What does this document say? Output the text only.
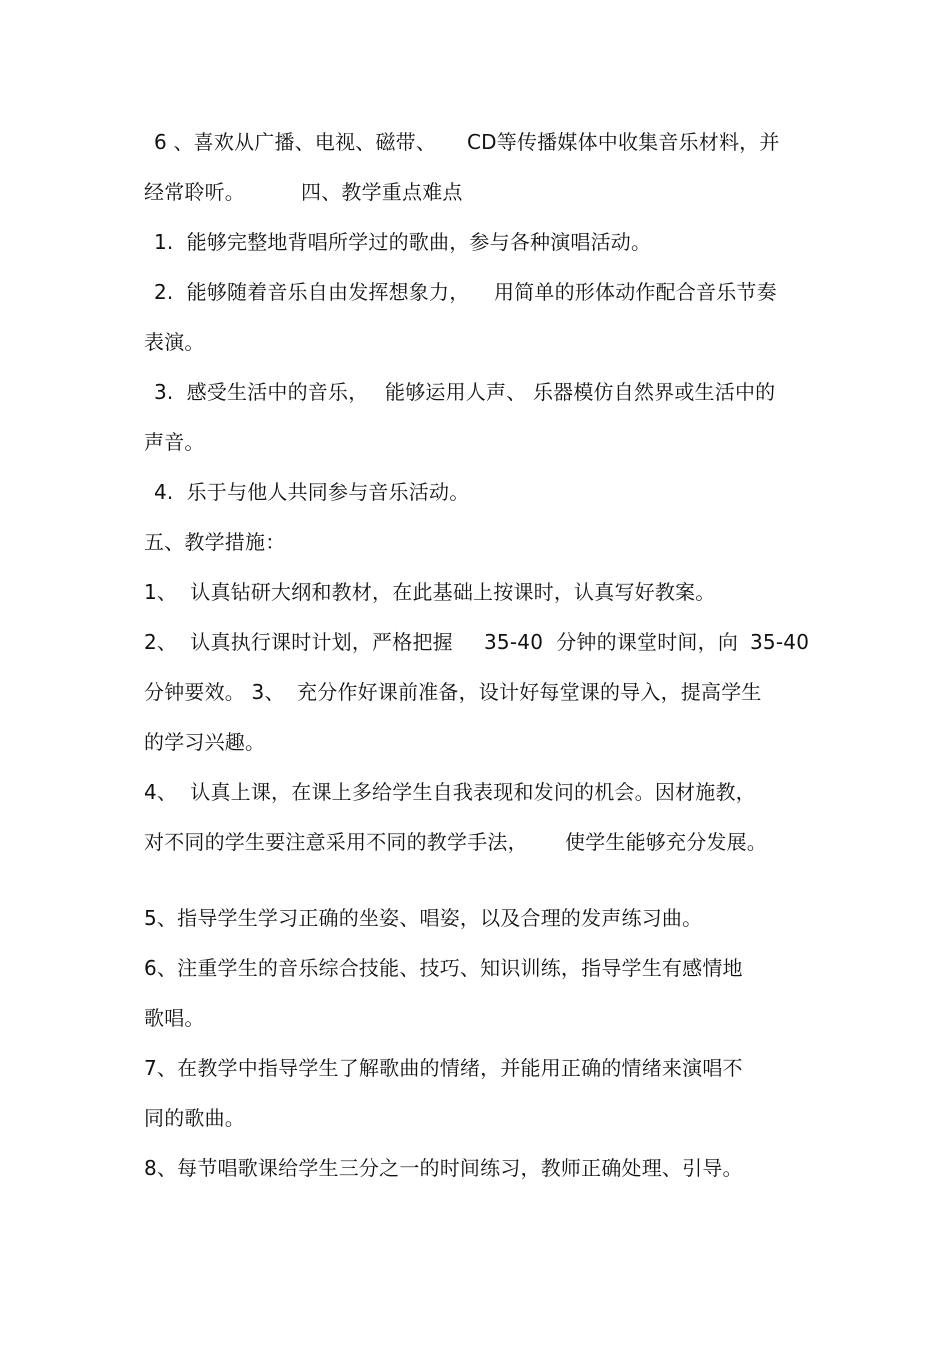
6 、喜欢从广播、电视、磁带、

CD等传播媒体中收集音乐材料，并

经常聆听。

	四、教学重点难点

1.  能够完整地背唱所学过的歌曲，参与各种演唱活动。

2.  能够随着音乐自由发挥想象力，

用简单的形体动作配合音乐节奏

表演。

3.  感受生活中的音乐，

能够运用人声、 乐器模仿自然界或生活中的

声音。

4.  乐于与他人共同参与音乐活动。

五、教学措施：

1、  认真钻研大纲和教材，在此基础上按课时，认真写好教案。

2、  认真执行课时计划，严格把握

35-40  分钟的课堂时间，向

35-40

分钟要效。 3、

充分作好课前准备，设计好每堂课的导入，提高学生

的学习兴趣。

4、  认真上课，在课上多给学生自我表现和发问的机会。因材施教，

对不同的学生要注意采用不同的教学手法，

使学生能够充分发展。

5、指导学生学习正确的坐姿、唱姿，以及合理的发声练习曲。

6、注重学生的音乐综合技能、技巧、知识训练，指导学生有感情地

歌唱。

7、在教学中指导学生了解歌曲的情绪，并能用正确的情绪来演唱不

同的歌曲。

8、每节唱歌课给学生三分之一的时间练习，教师正确处理、引导。
